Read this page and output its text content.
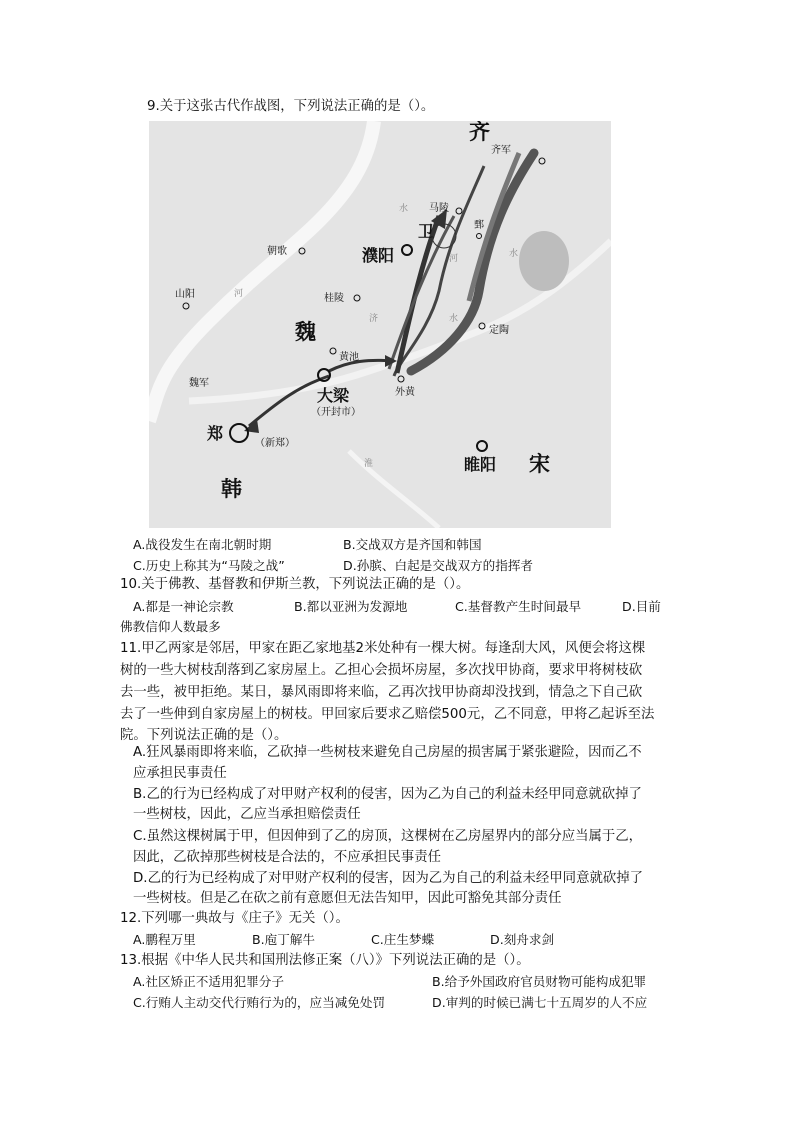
9.关于这张古代作战图，下列说法正确的是（）。
水
河
河
济
水
水
淮
齐
齐军
马陵
鄄
卫
濮阳
朝歌
山阳	桂陵
魏	定陶
黄池
魏军
大梁
（开封市）
外黄
郑
（新郑）
韩
睢阳 宋
A.战役发生在南北朝时期	B.交战双方是齐国和韩国
C.历史上称其为“马陵之战”	D.孙膑、白起是交战双方的指挥者
10.关于佛教、基督教和伊斯兰教，下列说法正确的是（）。
A.都是一神论宗教	B.都以亚洲为发源地	C.基督教产生时间最早	D.目前
佛教信仰人数最多
11.甲乙两家是邻居，甲家在距乙家地基2米处种有一棵大树。每逢刮大风，风便会将这棵
树的一些大树枝刮落到乙家房屋上。乙担心会损坏房屋，多次找甲协商，要求甲将树枝砍
去一些，被甲拒绝。某日，暴风雨即将来临，乙再次找甲协商却没找到，情急之下自己砍
去了一些伸到自家房屋上的树枝。甲回家后要求乙赔偿500元，乙不同意，甲将乙起诉至法
院。下列说法正确的是（）。
A.狂风暴雨即将来临，乙砍掉一些树枝来避免自己房屋的损害属于紧张避险，因而乙不
应承担民事责任
B.乙的行为已经构成了对甲财产权利的侵害，因为乙为自己的利益未经甲同意就砍掉了
一些树枝，因此，乙应当承担赔偿责任
C.虽然这棵树属于甲，但因伸到了乙的房顶，这棵树在乙房屋界内的部分应当属于乙，
因此，乙砍掉那些树枝是合法的，不应承担民事责任
D.乙的行为已经构成了对甲财产权利的侵害，因为乙为自己的利益未经甲同意就砍掉了
一些树枝。但是乙在砍之前有意愿但无法告知甲，因此可豁免其部分责任
12.下列哪一典故与《庄子》无关（）。
A.鹏程万里	B.庖丁解牛	C.庄生梦蝶	D.刻舟求剑
13.根据《中华人民共和国刑法修正案（八）》下列说法正确的是（）。
A.社区矫正不适用犯罪分子	B.给予外国政府官员财物可能构成犯罪
C.行贿人主动交代行贿行为的，应当减免处罚	D.审判的时候已满七十五周岁的人不应
